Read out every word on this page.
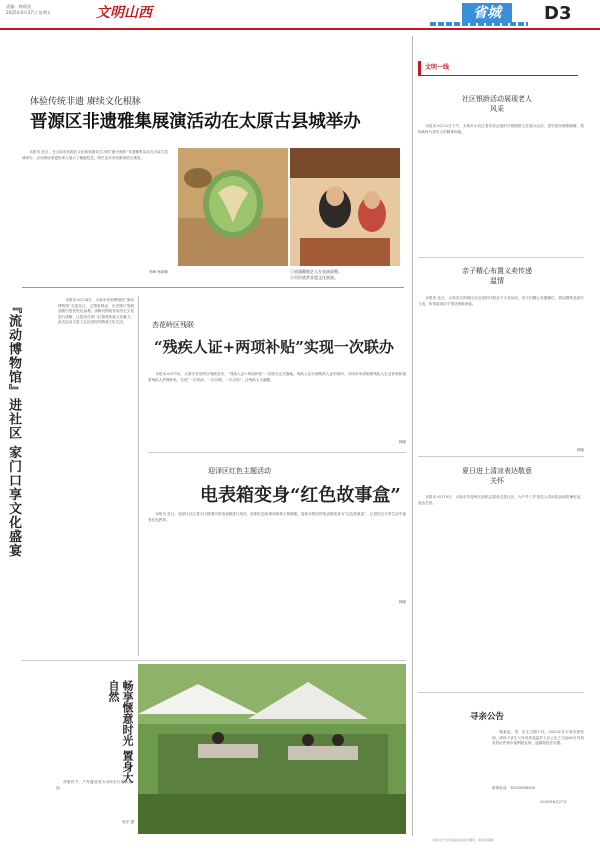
责编：韩欣欣
2025年6月27日 星期五	文明山西	省城	D3
体验传统非遗 赓续文化根脉
晋源区非遗雅集展演活动在太原古县城举办

本报讯 近日，在太原市晋源区文化和旅游局主办的“薪火相传”非遗雅集活动在太原古县城举办，活动现场非遗传承人展示了精湛技艺，吸引众多市民游客驻足观赏。

李峰 杨润娜	①果蔬雕刻艺人在表演面塑。
②市民欣赏非遗文化展演。
文明一线
社区银龄活动展现老人风采

本报讯 6月22日下午，太原市小店区老年协会组织开展银龄文艺展示活动，老年居民载歌载舞，展现新时代老年人的精神风貌。

亲子精心布置义卖传递温情

本报讯 近日，太原市万柏林区社区组织开展亲子义卖活动，孩子们精心布置摊位，将闲置物品进行义卖，所得款项用于帮扶困难家庭。

韩娜
夏日进上清凉表达敬意关怀

本报讯 6月19日，太原市杏花岭区组织志愿者走进社区，为户外工作者送上清凉饮品和防暑用品，表达关爱。

寻亲公告

桐某某，男，出生日期不详，2022年在太原市被发现，请孩子亲生父母或其他监护人自公告之日起60日内持有效证件到市福利院认领，逾期将依法安置。

联系电话：18535608590
2025年6月27日
『流动博物馆』进社区 家门口享文化盛宴	本报讯 6月24日，太原市晋祠博物馆“流动博物馆”走进社区，文物复制品、历史图片等展品吸引居民驻足参观。讲解员围绕晋祠历史文化进行讲解，让居民在家门口感受传统文化魅力。此次活动丰富了社区居民的精神文化生活。	杏花岭区残联
“残疾人证+两项补贴”实现一次联办

本报讯 6月中旬，太原市杏花岭区残联宣布，“残疾人证+两项补贴”一次联办正式落地。残疾人在办理残疾人证的同时，可同步申请困难残疾人生活补贴和重度残疾人护理补贴，实现“一次申请、一次办理、一次办结”，让残疾人少跑腿。

韩娜
迎泽区红色主题活动
电表箱变身“红色故事盒”

本报讯 近日，迎泽区社区将小区楼道内的电表箱进行美化，绘制红色故事和革命人物图案，将原本陈旧的电表箱变身为“红色故事盒”，让居民在日常生活中接受红色教育。

韩娜
畅享惬意时光 置身大自然

仲夏时节，户外露营成为市民出行的新选择。

张洋 摄
（本报对于读者来稿有权进行删改，请读者谅解）
